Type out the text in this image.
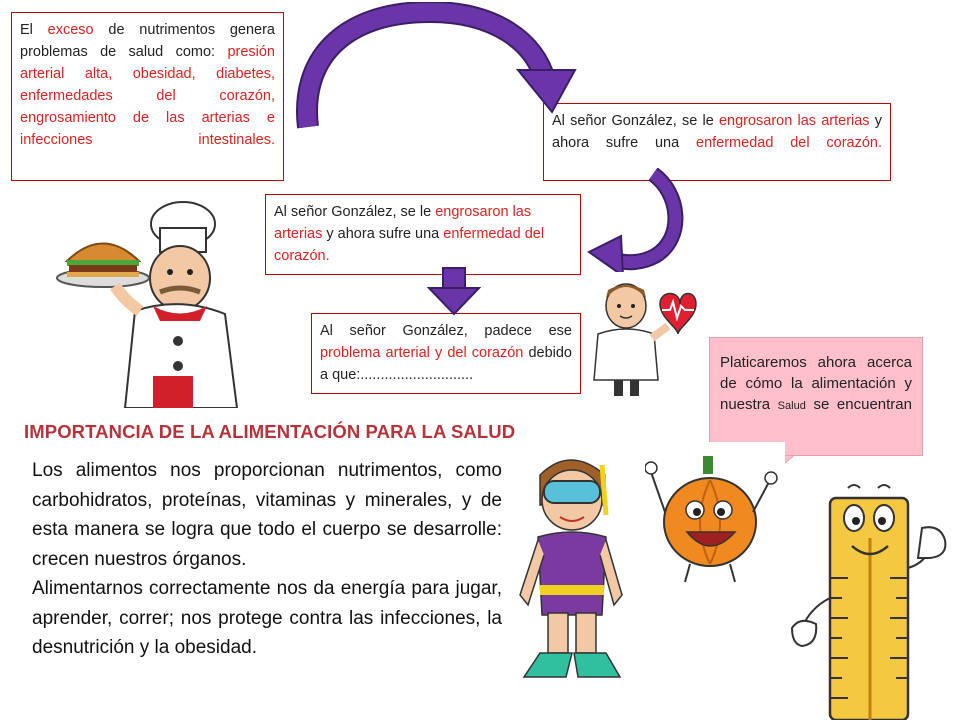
El exceso de nutrimentos genera problemas de salud como: presión arterial alta, obesidad, diabetes, enfermedades del corazón, engrosamiento de las arterias e infecciones intestinales.
Al señor González, se le engrosaron las arterias y ahora sufre una enfermedad del corazón.
Al señor González, se le engrosaron las arterias y ahora sufre una enfermedad del corazón.
Al señor González, padece ese problema arterial y del corazón debido a que:............................
Platicaremos ahora acerca de cómo la alimentación y nuestra Salud se encuentran
IMPORTANCIA DE LA ALIMENTACIÓN PARA LA SALUD

Los alimentos nos proporcionan nutrimentos, como carbohidratos, proteínas, vitaminas y minerales, y de esta manera se logra que todo el cuerpo se desarrolle: crecen nuestros órganos.

Alimentarnos correctamente nos da energía para jugar, aprender, correr; nos protege contra las infecciones, la desnutrición y la obesidad.
